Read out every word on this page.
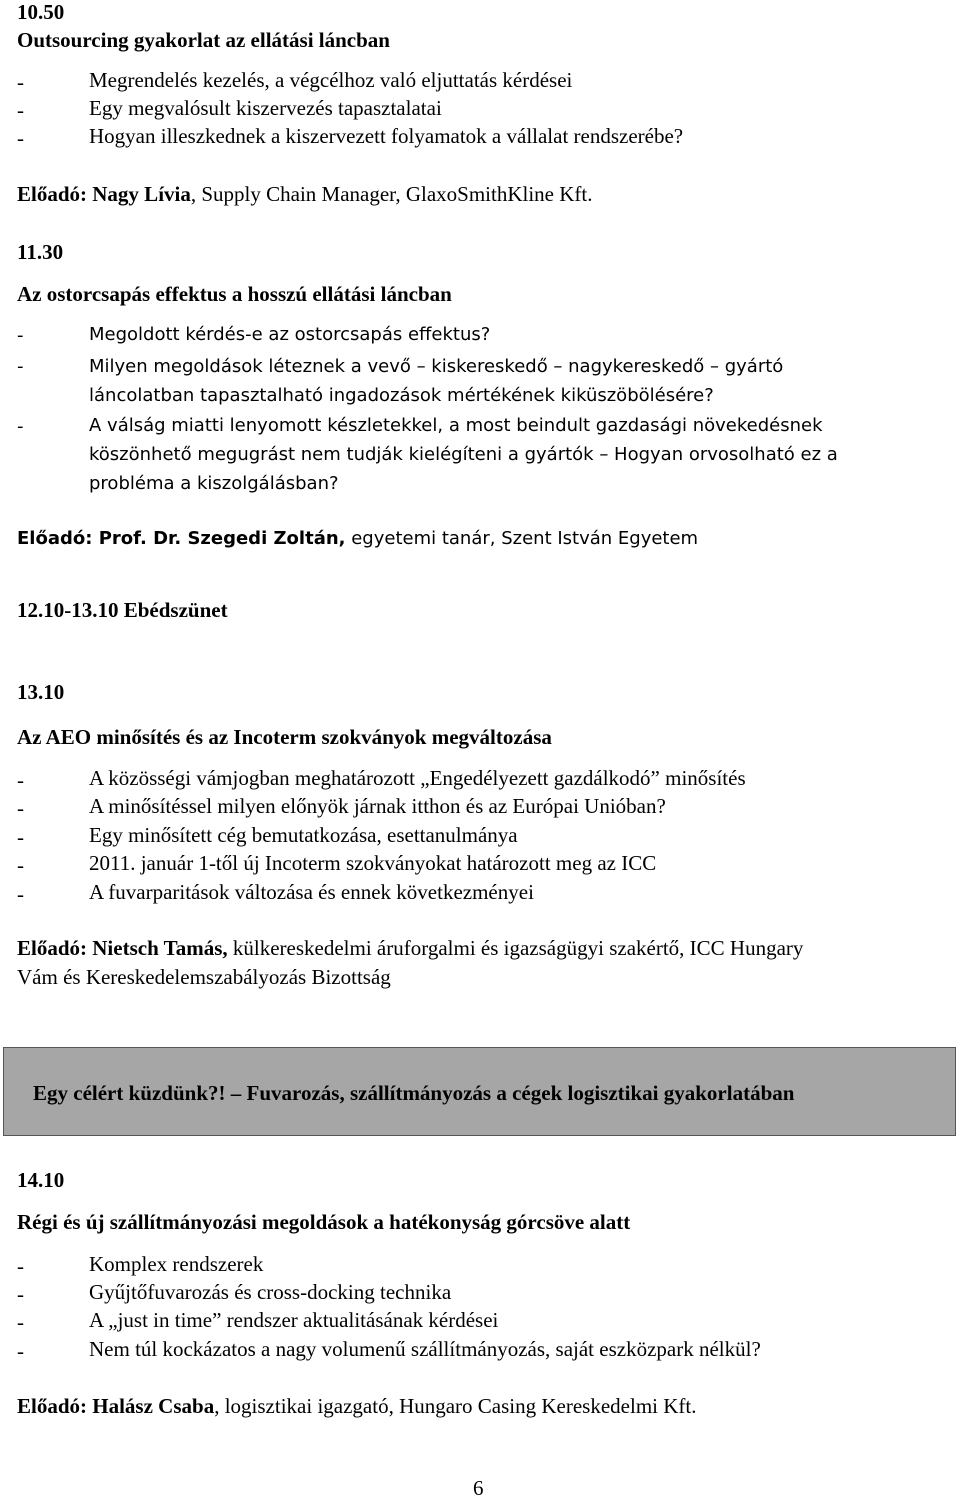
10.50
Outsourcing gyakorlat az ellátási láncban
-	Megrendelés kezelés, a végcélhoz való eljuttatás kérdései
-	Egy megvalósult kiszervezés tapasztalatai
-	Hogyan illeszkednek a kiszervezett folyamatok a vállalat rendszerébe?
Előadó: Nagy Lívia, Supply Chain Manager, GlaxoSmithKline Kft.
11.30
Az ostorcsapás effektus a hosszú ellátási láncban
-	Megoldott kérdés-e az ostorcsapás effektus?
-	Milyen megoldások léteznek a vevő – kiskereskedő – nagykereskedő – gyártó
láncolatban tapasztalható ingadozások mértékének kiküszöbölésére?
-	A válság miatti lenyomott készletekkel, a most beindult gazdasági növekedésnek
köszönhető megugrást nem tudják kielégíteni a gyártók – Hogyan orvosolható ez a
probléma a kiszolgálásban?
Előadó: Prof. Dr. Szegedi Zoltán, egyetemi tanár, Szent István Egyetem
12.10-13.10 Ebédszünet
13.10
Az AEO minősítés és az Incoterm szokványok megváltozása
-	A közösségi vámjogban meghatározott „Engedélyezett gazdálkodó” minősítés
-	A minősítéssel milyen előnyök járnak itthon és az Európai Unióban?
-	Egy minősített cég bemutatkozása, esettanulmánya
-	2011. január 1-től új Incoterm szokványokat határozott meg az ICC
-	A fuvarparitások változása és ennek következményei
Előadó: Nietsch Tamás, külkereskedelmi áruforgalmi és igazságügyi szakértő, ICC Hungary
Vám és Kereskedelemszabályozás Bizottság
Egy célért küzdünk?! – Fuvarozás, szállítmányozás a cégek logisztikai gyakorlatában
14.10
Régi és új szállítmányozási megoldások a hatékonyság górcsöve alatt
-	Komplex rendszerek
-	Gyűjtőfuvarozás és cross-docking technika
-	A „just in time” rendszer aktualitásának kérdései
-	Nem túl kockázatos a nagy volumenű szállítmányozás, saját eszközpark nélkül?
Előadó: Halász Csaba, logisztikai igazgató, Hungaro Casing Kereskedelmi Kft.
6
